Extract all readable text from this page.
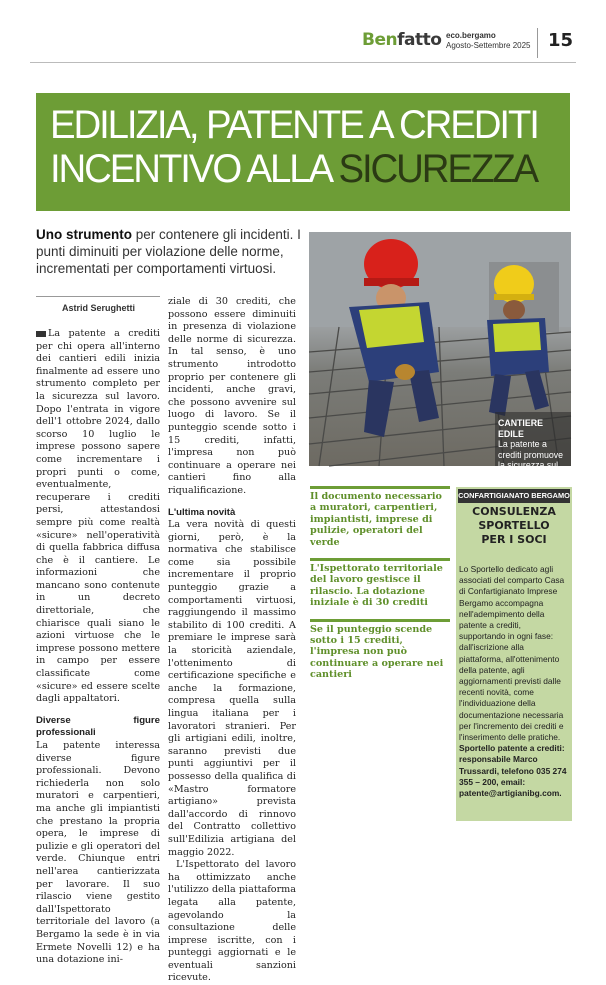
Benfatto eco.bergamo
Agosto-Settembre 2025 15
EDILIZIA, PATENTE A CREDITI
INCENTIVO ALLA SICUREZZA
Uno strumento per contenere gli incidenti. I punti diminuiti per violazione delle norme, incrementati per comportamenti virtuosi.
CANTIERE EDILE
La patente a crediti promuove la sicurezza sul lavoro
Astrid Serughetti

La patente a crediti per chi opera all'interno dei cantieri edili inizia finalmente ad essere uno strumento completo per la sicurezza sul lavoro. Dopo l'entrata in vigore dell'1 ottobre 2024, dallo scorso 10 luglio le imprese possono sapere come incrementare i propri punti o come, eventualmente, recuperare i crediti persi, attestandosi sempre più come realtà «sicure» nell'operatività di quella fabbrica diffusa che è il cantiere. Le informazioni che mancano sono contenute in un decreto direttoriale, che chiarisce quali siano le azioni virtuose che le imprese possono mettere in campo per essere classificate come «sicure» ed essere scelte dagli appaltatori.

Diverse figure professionali

La patente interessa diverse figure professionali. Devono richiederla non solo muratori e carpentieri, ma anche gli impiantisti che prestano la propria opera, le imprese di pulizie e gli operatori del verde. Chiunque entri nell'area cantierizzata per lavorare. Il suo rilascio viene gestito dall'Ispettorato territoriale del lavoro (a Bergamo la sede è in via Ermete Novelli 12) e ha una dotazione ini-

ziale di 30 crediti, che possono essere diminuiti in presenza di violazione delle norme di sicurezza. In tal senso, è uno strumento introdotto proprio per contenere gli incidenti, anche gravi, che possono avvenire sul luogo di lavoro. Se il punteggio scende sotto i 15 crediti, infatti, l'impresa non può continuare a operare nei cantieri fino alla riqualificazione.

L'ultima novità

La vera novità di questi giorni, però, è la normativa che stabilisce come sia possibile incrementare il proprio punteggio grazie a comportamenti virtuosi, raggiungendo il massimo stabilito di 100 crediti. A premiare le imprese sarà la storicità aziendale, l'ottenimento di certificazione specifiche e anche la formazione, compresa quella sulla lingua italiana per i lavoratori stranieri. Per gli artigiani edili, inoltre, saranno previsti due punti aggiuntivi per il possesso della qualifica di «Mastro formatore artigiano» prevista dall'accordo di rinnovo del Contratto collettivo sull'Edilizia artigiana del maggio 2022.

L'Ispettorato del lavoro ha ottimizzato anche l'utilizzo della piattaforma legata alla patente, agevolando la consultazione delle imprese iscritte, con i punteggi aggiornati e le eventuali sanzioni ricevute.

Il documento necessario a muratori, carpentieri, impiantisti, imprese di pulizie, operatori del verde
L'Ispettorato territoriale del lavoro gestisce il rilascio. La dotazione iniziale è di 30 crediti
Se il punteggio scende sotto i 15 crediti, l'impresa non può continuare a operare nei cantieri
CONFARTIGIANATO BERGAMO
CONSULENZA
SPORTELLO
PER I SOCI
Lo Sportello dedicato agli associati del comparto Casa di Confartigianato Imprese Bergamo accompagna nell'adempimento della patente a crediti, supportando in ogni fase: dall'iscrizione alla piattaforma, all'ottenimento della patente, agli aggiornamenti previsti dalle recenti novità, come l'individuazione della documentazione necessaria per l'incremento dei crediti e l'inserimento delle pratiche. Sportello patente a crediti: responsabile Marco Trussardi, telefono 035 274 355 – 200, email: patente@artigianibg.com.
